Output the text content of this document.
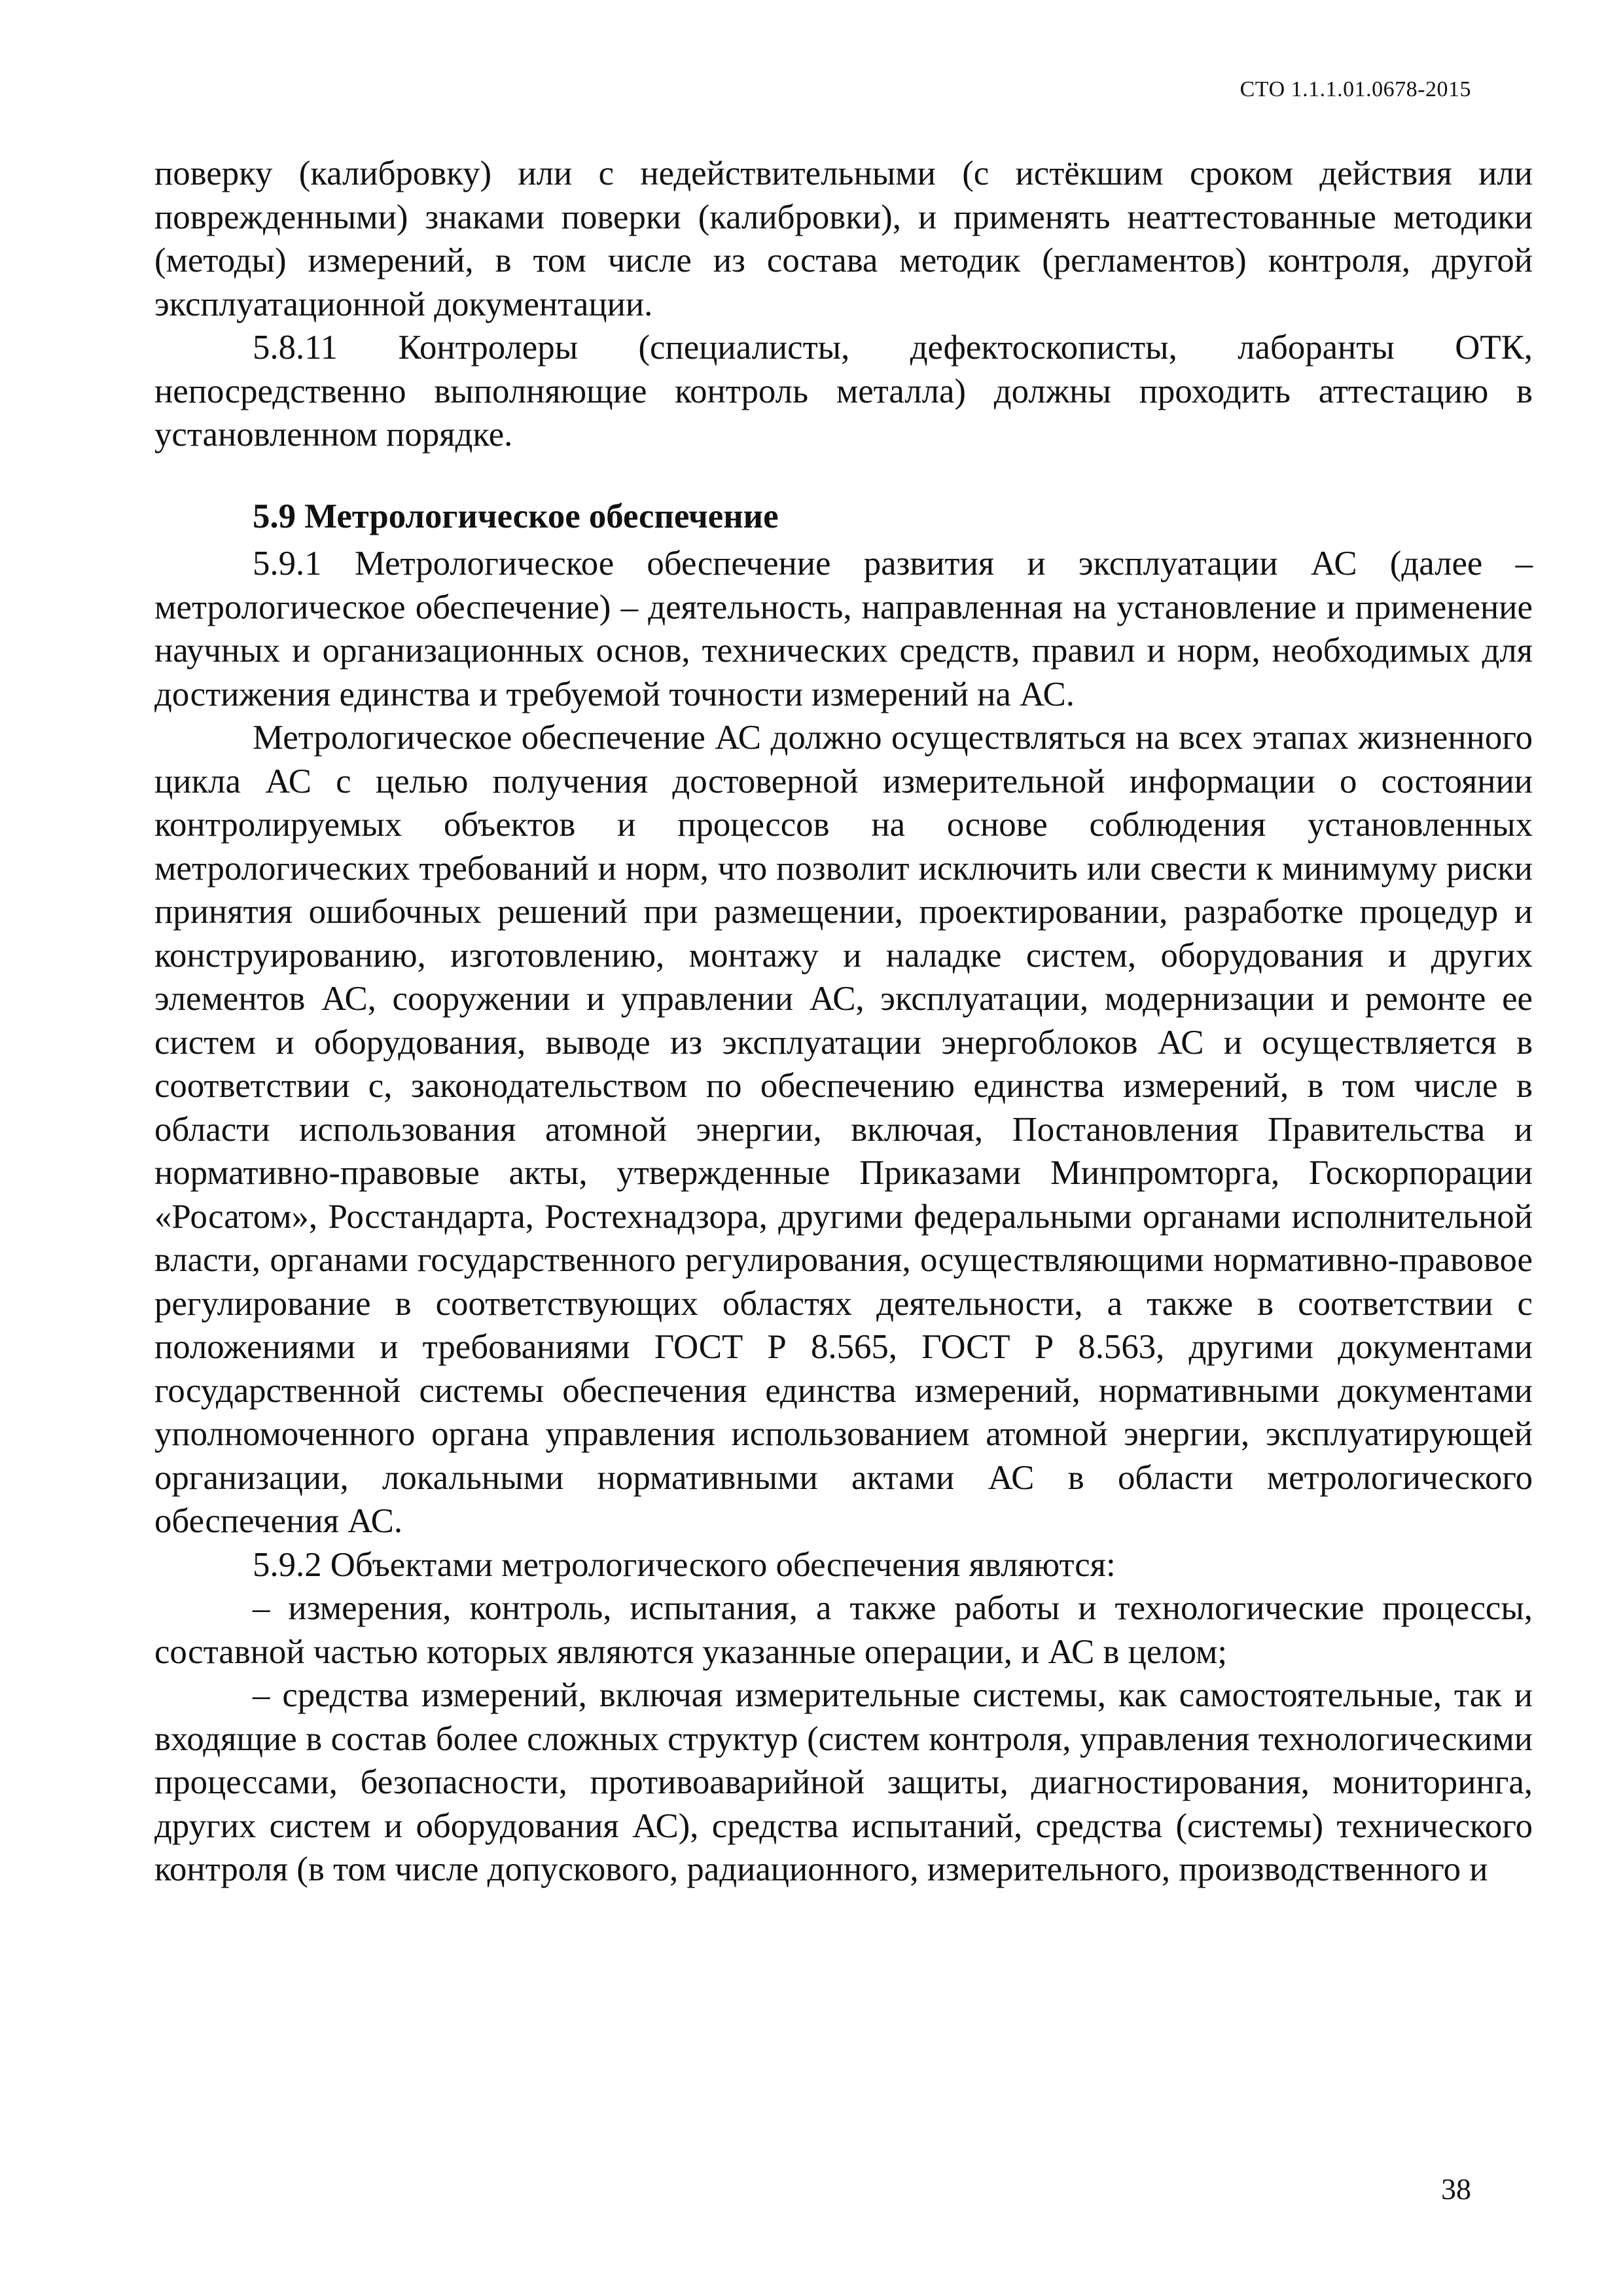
СТО 1.1.1.01.0678-2015

поверку (калибровку) или с недействительными (с истёкшим сроком действия или поврежденными) знаками поверки (калибровки), и применять неаттестованные методики (методы) измерений, в том числе из состава методик (регламентов) контроля, другой эксплуатационной документации.

5.8.11 Контролеры (специалисты, дефектоскописты, лаборанты ОТК, непосредственно выполняющие контроль металла) должны проходить аттестацию в установленном порядке.

5.9 Метрологическое обеспечение

5.9.1 Метрологическое обеспечение развития и эксплуатации АС (далее – метрологическое обеспечение) – деятельность, направленная на установление и применение научных и организационных основ, технических средств, правил и норм, необходимых для достижения единства и требуемой точности измерений на АС.

Метрологическое обеспечение АС должно осуществляться на всех этапах жизненного цикла АС с целью получения достоверной измерительной информации о состоянии контролируемых объектов и процессов на основе соблюдения установленных метрологических требований и норм, что позволит исключить или свести к минимуму риски принятия ошибочных решений при размещении, проектировании, разработке процедур и конструированию, изготовлению, монтажу и наладке систем, оборудования и других элементов АС, сооружении и управлении АС, эксплуатации, модернизации и ремонте ее систем и оборудования, выводе из эксплуатации энергоблоков АС и осуществляется в соответствии с, законодательством по обеспечению единства измерений, в том числе в области использования атомной энергии, включая, Постановления Правительства и нормативно-правовые акты, утвержденные Приказами Минпромторга, Госкорпорации «Росатом», Росстандарта, Ростехнадзора, другими федеральными органами исполнительной власти, органами государственного регулирования, осуществляющими нормативно-правовое регулирование в соответствующих областях деятельности, а также в соответствии с положениями и требованиями ГОСТ Р 8.565, ГОСТ Р 8.563, другими документами государственной системы обеспечения единства измерений, нормативными документами уполномоченного органа управления использованием атомной энергии, эксплуатирующей организации, локальными нормативными актами АС в области метрологического обеспечения АС.

5.9.2 Объектами метрологического обеспечения являются:

– измерения, контроль, испытания, а также работы и технологические процессы, составной частью которых являются указанные операции, и АС в целом;

– средства измерений, включая измерительные системы, как самостоятельные, так и входящие в состав более сложных структур (систем контроля, управления технологическими процессами, безопасности, противоаварийной защиты, диагностирования, мониторинга, других систем и оборудования АС), средства испытаний, средства (системы) технического контроля (в том числе допускового, радиационного, измерительного, производственного и

38
